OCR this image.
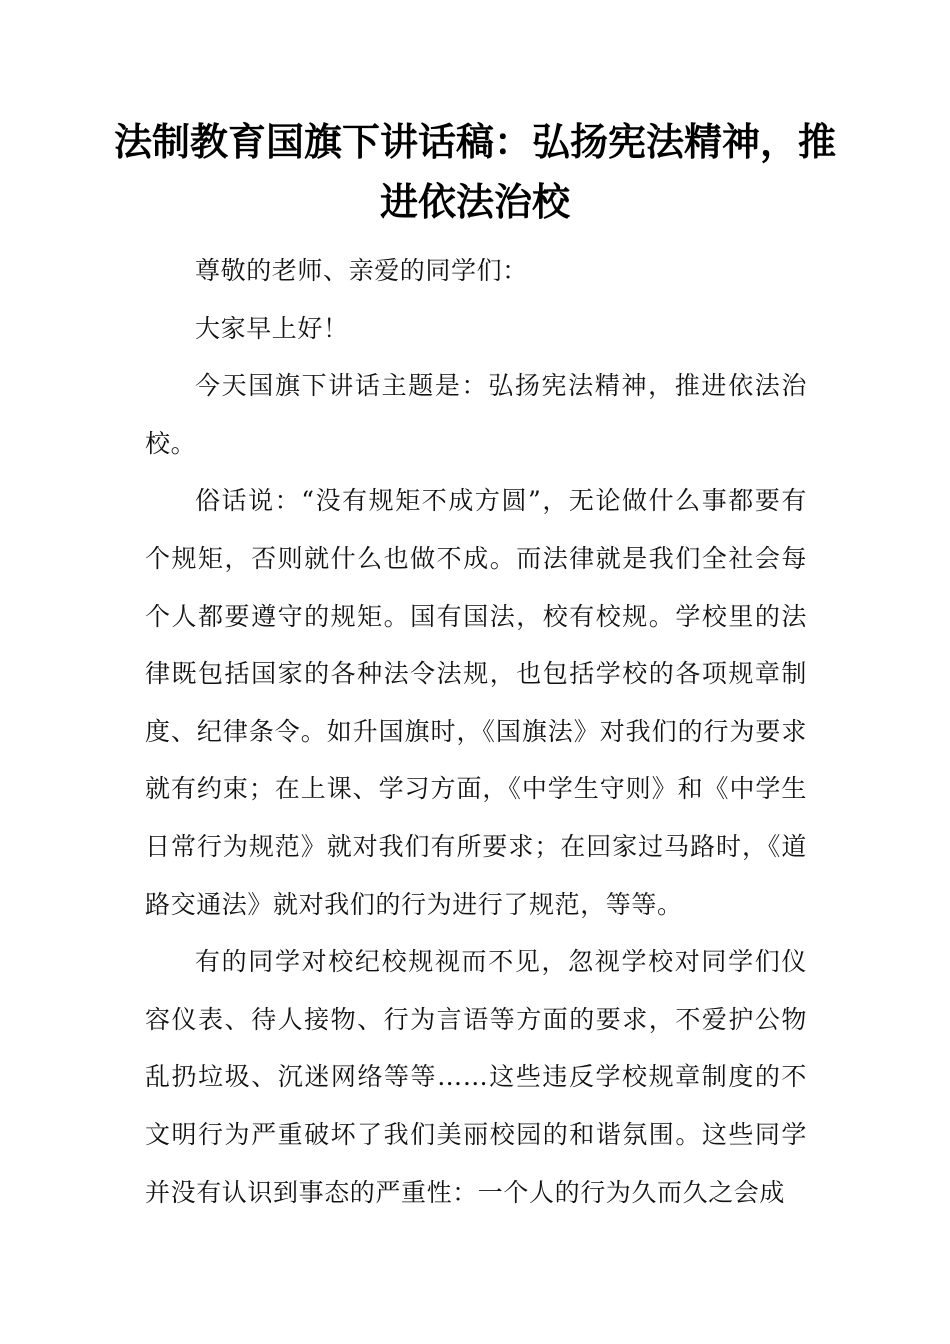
法制教育国旗下讲话稿：弘扬宪法精神，推进依法治校

尊敬的老师、亲爱的同学们：

大家早上好！

今天国旗下讲话主题是：弘扬宪法精神，推进依法治校。

俗话说：“没有规矩不成方圆”，无论做什么事都要有个规矩，否则就什么也做不成。而法律就是我们全社会每个人都要遵守的规矩。国有国法，校有校规。学校里的法律既包括国家的各种法令法规，也包括学校的各项规章制度、纪律条令。如升国旗时，《国旗法》对我们的行为要求就有约束；在上课、学习方面，《中学生守则》和《中学生日常行为规范》就对我们有所要求；在回家过马路时，《道路交通法》就对我们的行为进行了规范，等等。

有的同学对校纪校规视而不见，忽视学校对同学们仪容仪表、待人接物、行为言语等方面的要求，不爱护公物乱扔垃圾、沉迷网络等等……这些违反学校规章制度的不文明行为严重破坏了我们美丽校园的和谐氛围。这些同学并没有认识到事态的严重性：一个人的行为久而久之会成
